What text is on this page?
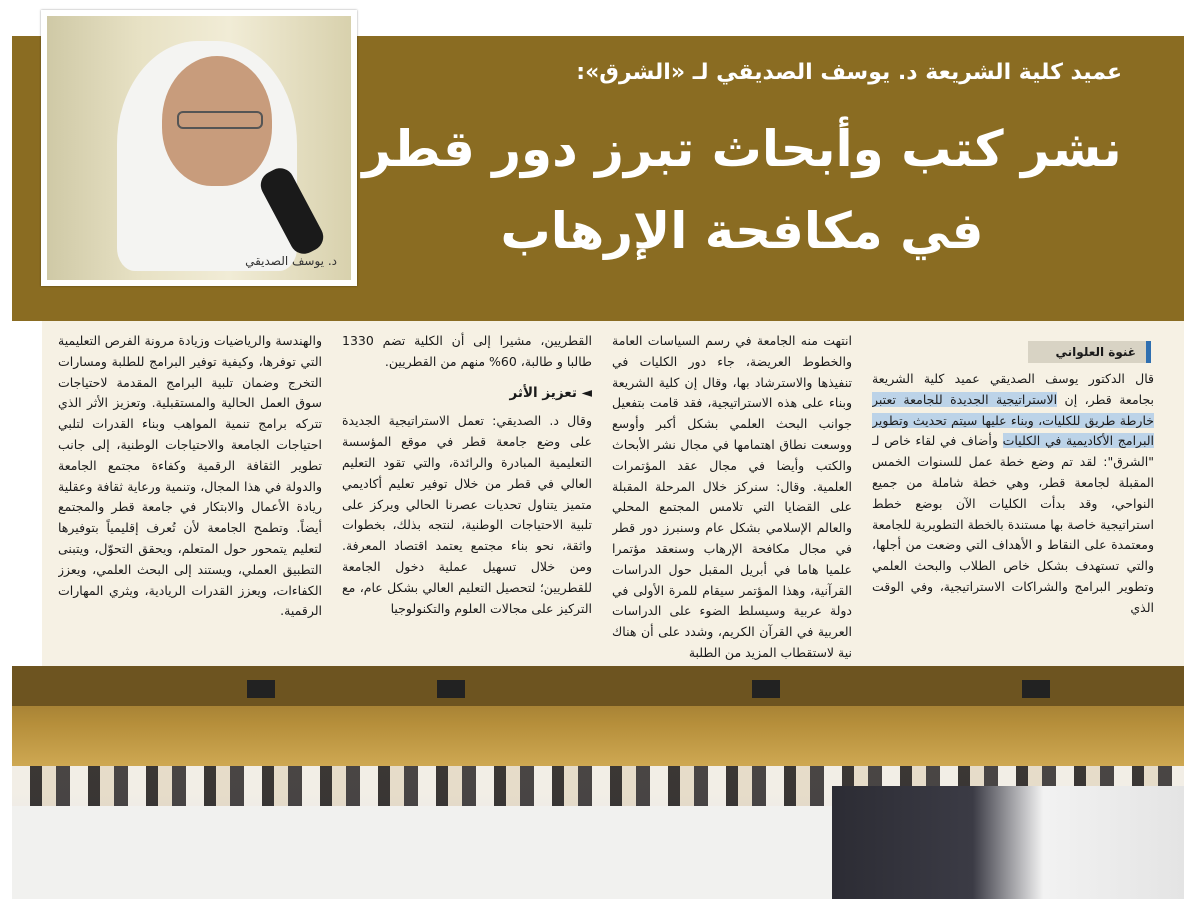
د. يوسف الصديقي
عميد كلية الشريعة د. يوسف الصديقي لـ «الشرق»:
نشر كتب وأبحاث تبرز دور قطر
في مكافحة الإرهاب
غنوة العلواني
قال الدكتور يوسف الصديقي عميد كلية الشريعة بجامعة قطر، إن الاستراتيجية الجديدة للجامعة تعتبر خارطة طريق للكليات، وبناء عليها سيتم تحديث وتطوير البرامج الأكاديمية في الكليات وأضاف في لقاء خاص لـ "الشرق": لقد تم وضع خطة عمل للسنوات الخمس المقبلة لجامعة قطر، وهي خطة شاملة من جميع النواحي، وقد بدأت الكليات الآن بوضع خطط استراتيجية خاصة بها مستندة بالخطة التطويرية للجامعة ومعتمدة على النقاط و الأهداف التي وضعت من أجلها، والتي تستهدف بشكل خاص الطلاب والبحث العلمي وتطوير البرامج والشراكات الاستراتيجية، وفي الوقت الذي
انتهت منه الجامعة في رسم السياسات العامة والخطوط العريضة، جاء دور الكليات في تنفيذها والاسترشاد بها، وقال إن كلية الشريعة وبناء على هذه الاستراتيجية، فقد قامت بتفعيل جوانب البحث العلمي بشكل أكبر وأوسع ووسعت نطاق اهتمامها في مجال نشر الأبحاث والكتب وأيضا في مجال عقد المؤتمرات العلمية. وقال: سنركز خلال المرحلة المقبلة على القضايا التي تلامس المجتمع المحلي والعالم الإسلامي بشكل عام وسنبرز دور قطر في مجال مكافحة الإرهاب وسنعقد مؤتمرا علميا هاما في أبريل المقبل حول الدراسات القرآنية، وهذا المؤتمر سيقام للمرة الأولى في دولة عربية وسيسلط الضوء على الدراسات العربية في القرآن الكريم، وشدد على أن هناك نية لاستقطاب المزيد من الطلبة
القطريين، مشيرا إلى أن الكلية تضم 1330 طالبا و طالبة، 60% منهم من القطريين.
◄ تعزيز الأثر
وقال د. الصديقي: تعمل الاستراتيجية الجديدة على وضع جامعة قطر في موقع المؤسسة التعليمية المبادرة والرائدة، والتي تقود التعليم العالي في قطر من خلال توفير تعليم أكاديمي متميز يتناول تحديات عصرنا الحالي ويركز على تلبية الاحتياجات الوطنية، لنتجه بذلك، بخطوات واثقة، نحو بناء مجتمع يعتمد اقتصاد المعرفة. ومن خلال تسهيل عملية دخول الجامعة للقطريين؛ لتحصيل التعليم العالي بشكل عام، مع التركيز على مجالات العلوم والتكنولوجيا
والهندسة والرياضيات وزيادة مرونة الفرص التعليمية التي توفرها، وكيفية توفير البرامج للطلبة ومسارات التخرج وضمان تلبية البرامج المقدمة لاحتياجات سوق العمل الحالية والمستقبلية. وتعزيز الأثر الذي تتركه برامج تنمية المواهب وبناء القدرات لتلبي احتياجات الجامعة والاحتياجات الوطنية، إلى جانب تطوير الثقافة الرقمية وكفاءة مجتمع الجامعة والدولة في هذا المجال، وتنمية ورعاية ثقافة وعقلية ريادة الأعمال والابتكار في جامعة قطر والمجتمع أيضاً. وتطمح الجامعة لأن تُعرف إقليمياً بتوفيرها لتعليم يتمحور حول المتعلم، ويحقق التحوّل، ويتبنى التطبيق العملي، ويستند إلى البحث العلمي، ويعزز الكفاءات، ويعزز القدرات الريادية، ويثري المهارات الرقمية.
